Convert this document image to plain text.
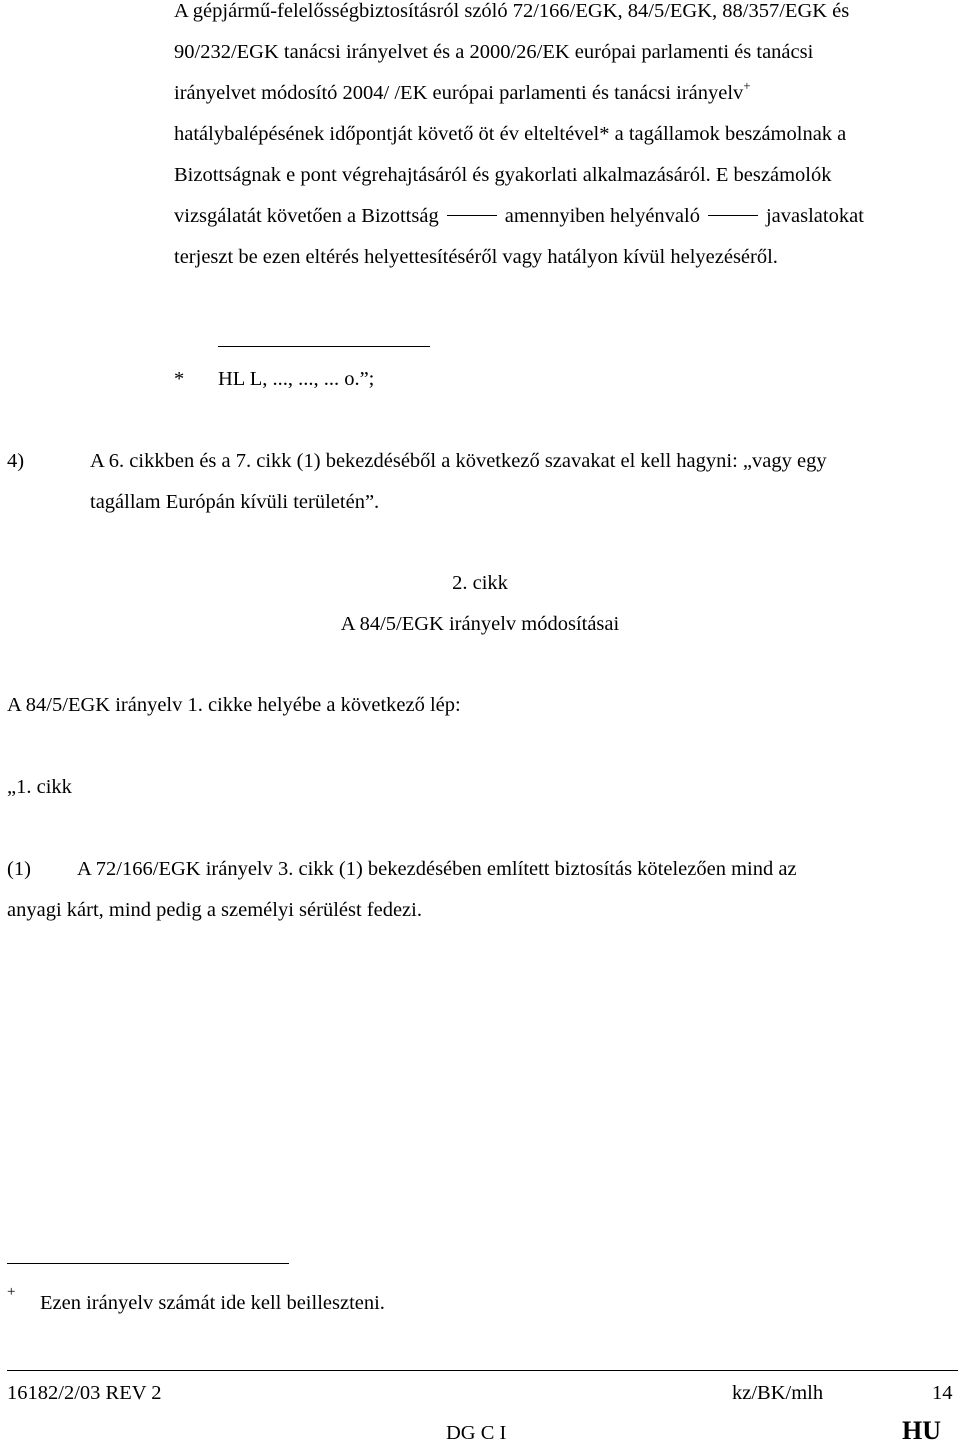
A gépjármű-felelősségbiztosításról szóló 72/166/EGK, 84/5/EGK, 88/357/EGK és
90/232/EGK tanácsi irányelvet és a 2000/26/EK európai parlamenti és tanácsi
irányelvet módosító 2004/ /EK európai parlamenti és tanácsi irányelv+
hatálybalépésének időpontját követő öt év elteltével* a tagállamok beszámolnak a
Bizottságnak e pont végrehajtásáról és gyakorlati alkalmazásáról. E beszámolók
vizsgálatát követően a Bizottság	amennyiben helyénvaló	javaslatokat
terjeszt be ezen eltérés helyettesítéséről vagy hatályon kívül helyezéséről.
* HL L, ..., ..., ... o.”;
4)	A 6. cikkben és a 7. cikk (1) bekezdéséből a következő szavakat el kell hagyni: „vagy egy
tagállam Európán kívüli területén”.
2. cikk
A 84/5/EGK irányelv módosításai
A 84/5/EGK irányelv 1. cikke helyébe a következő lép:
„1. cikk
(1) A 72/166/EGK irányelv 3. cikk (1) bekezdésében említett biztosítás kötelezően mind az
anyagi kárt, mind pedig a személyi sérülést fedezi.
+ Ezen irányelv számát ide kell beilleszteni.
16182/2/03 REV 2	kz/BK/mlh	14
DG C I	HU
